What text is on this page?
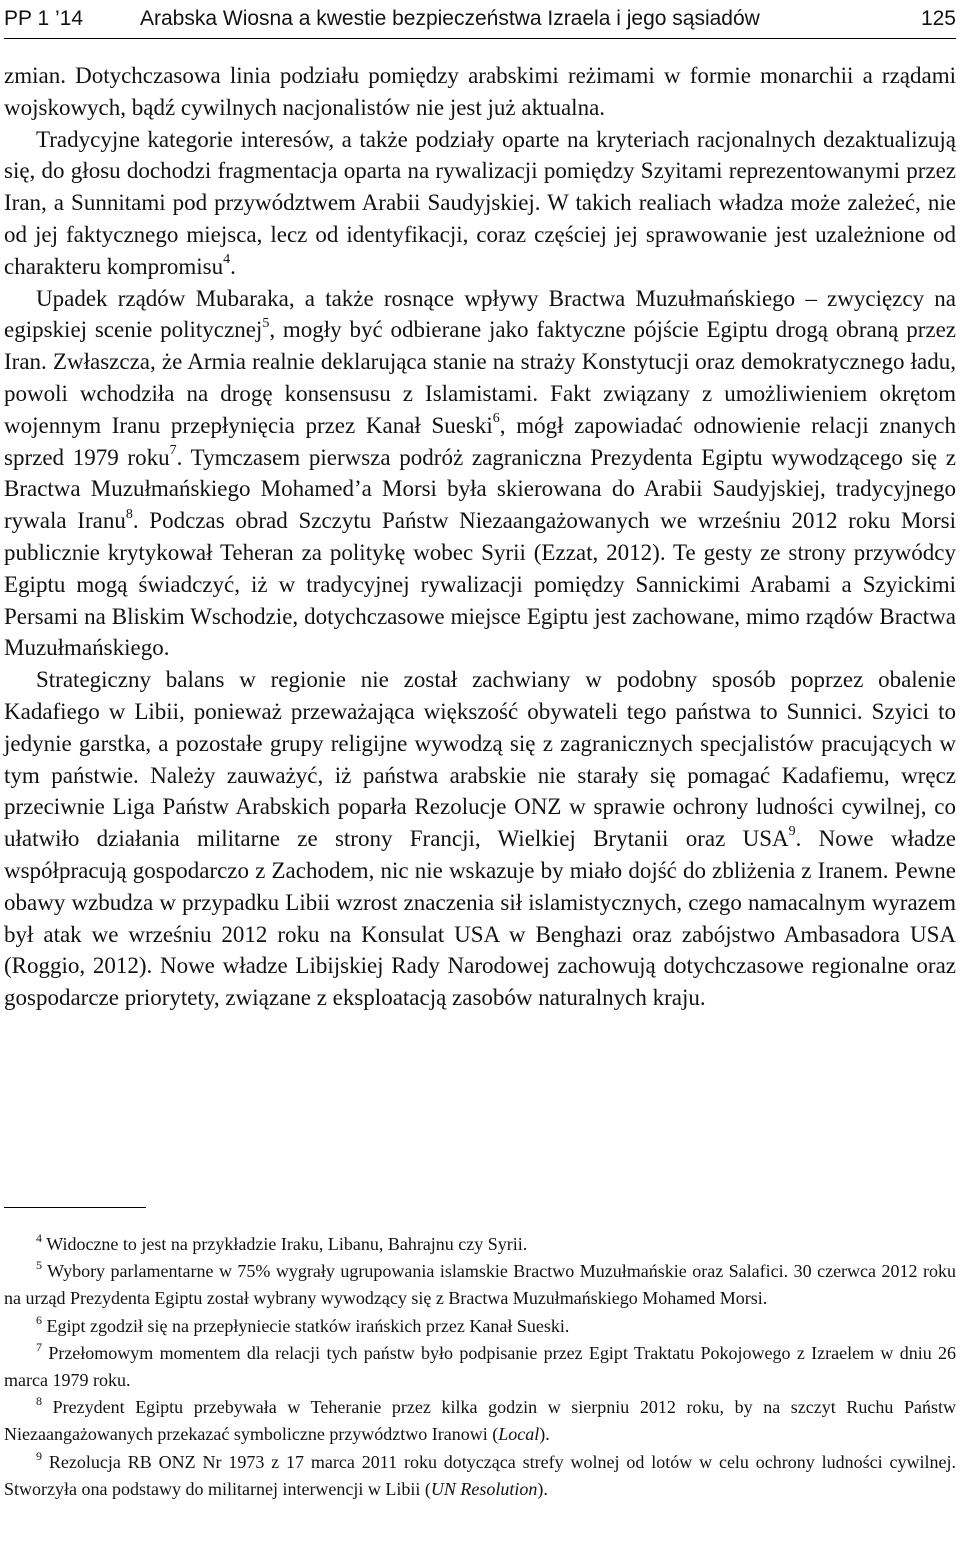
PP 1 ’14	Arabska Wiosna a kwestie bezpieczeństwa Izraela i jego sąsiadów	125

zmian. Dotychczasowa linia podziału pomiędzy arabskimi reżimami w formie monarchii a rządami wojskowych, bądź cywilnych nacjonalistów nie jest już aktualna.

Tradycyjne kategorie interesów, a także podziały oparte na kryteriach racjonalnych dezaktualizują się, do głosu dochodzi fragmentacja oparta na rywalizacji pomiędzy Szyitami reprezentowanymi przez Iran, a Sunnitami pod przywództwem Arabii Saudyjskiej. W takich realiach władza może zależeć, nie od jej faktycznego miejsca, lecz od identyfikacji, coraz częściej jej sprawowanie jest uzależnione od charakteru kompromisu$^4$.

Upadek rządów Mubaraka, a także rosnące wpływy Bractwa Muzułmańskiego – zwycięzcy na egipskiej scenie politycznej$^5$, mogły być odbierane jako faktyczne pójście Egiptu drogą obraną przez Iran. Zwłaszcza, że Armia realnie deklarująca stanie na straży Konstytucji oraz demokratycznego ładu, powoli wchodziła na drogę konsensusu z Islamistami. Fakt związany z umożliwieniem okrętom wojennym Iranu przepłynięcia przez Kanał Sueski$^6$, mógł zapowiadać odnowienie relacji znanych sprzed 1979 roku$^7$. Tymczasem pierwsza podróż zagraniczna Prezydenta Egiptu wywodzącego się z Bractwa Muzułmańskiego Mohamed’a Morsi była skierowana do Arabii Saudyjskiej, tradycyjnego rywala Iranu$^8$. Podczas obrad Szczytu Państw Niezaangażowanych we wrześniu 2012 roku Morsi publicznie krytykował Teheran za politykę wobec Syrii (Ezzat, 2012). Te gesty ze strony przywódcy Egiptu mogą świadczyć, iż w tradycyjnej rywalizacji pomiędzy Sannickimi Arabami a Szyickimi Persami na Bliskim Wschodzie, dotychczasowe miejsce Egiptu jest zachowane, mimo rządów Bractwa Muzułmańskiego.

Strategiczny balans w regionie nie został zachwiany w podobny sposób poprzez obalenie Kadafiego w Libii, ponieważ przeważająca większość obywateli tego państwa to Sunnici. Szyici to jedynie garstka, a pozostałe grupy religijne wywodzą się z zagranicznych specjalistów pracujących w tym państwie. Należy zauważyć, iż państwa arabskie nie starały się pomagać Kadafiemu, wręcz przeciwnie Liga Państw Arabskich poparła Rezolucje ONZ w sprawie ochrony ludności cywilnej, co ułatwiło działania militarne ze strony Francji, Wielkiej Brytanii oraz USA$^9$. Nowe władze współpracują gospodarczo z Zachodem, nic nie wskazuje by miało dojść do zbliżenia z Iranem. Pewne obawy wzbudza w przypadku Libii wzrost znaczenia sił islamistycznych, czego namacalnym wyrazem był atak we wrześniu 2012 roku na Konsulat USA w Benghazi oraz zabójstwo Ambasadora USA (Roggio, 2012). Nowe władze Libijskiej Rady Narodowej zachowują dotychczasowe regionalne oraz gospodarcze priorytety, związane z eksploatacją zasobów naturalnych kraju.

$^4$ Widoczne to jest na przykładzie Iraku, Libanu, Bahrajnu czy Syrii.

$^5$ Wybory parlamentarne w 75% wygrały ugrupowania islamskie Bractwo Muzułmańskie oraz Salafici. 30 czerwca 2012 roku na urząd Prezydenta Egiptu został wybrany wywodzący się z Bractwa Muzułmańskiego Mohamed Morsi.

$^6$ Egipt zgodził się na przepłyniecie statków irańskich przez Kanał Sueski.

$^7$ Przełomowym momentem dla relacji tych państw było podpisanie przez Egipt Traktatu Pokojowego z Izraelem w dniu 26 marca 1979 roku.

$^8$ Prezydent Egiptu przebywała w Teheranie przez kilka godzin w sierpniu 2012 roku, by na szczyt Ruchu Państw Niezaangażowanych przekazać symboliczne przywództwo Iranowi (Local).

$^9$ Rezolucja RB ONZ Nr 1973 z 17 marca 2011 roku dotycząca strefy wolnej od lotów w celu ochrony ludności cywilnej. Stworzyła ona podstawy do militarnej interwencji w Libii (UN Resolution).
